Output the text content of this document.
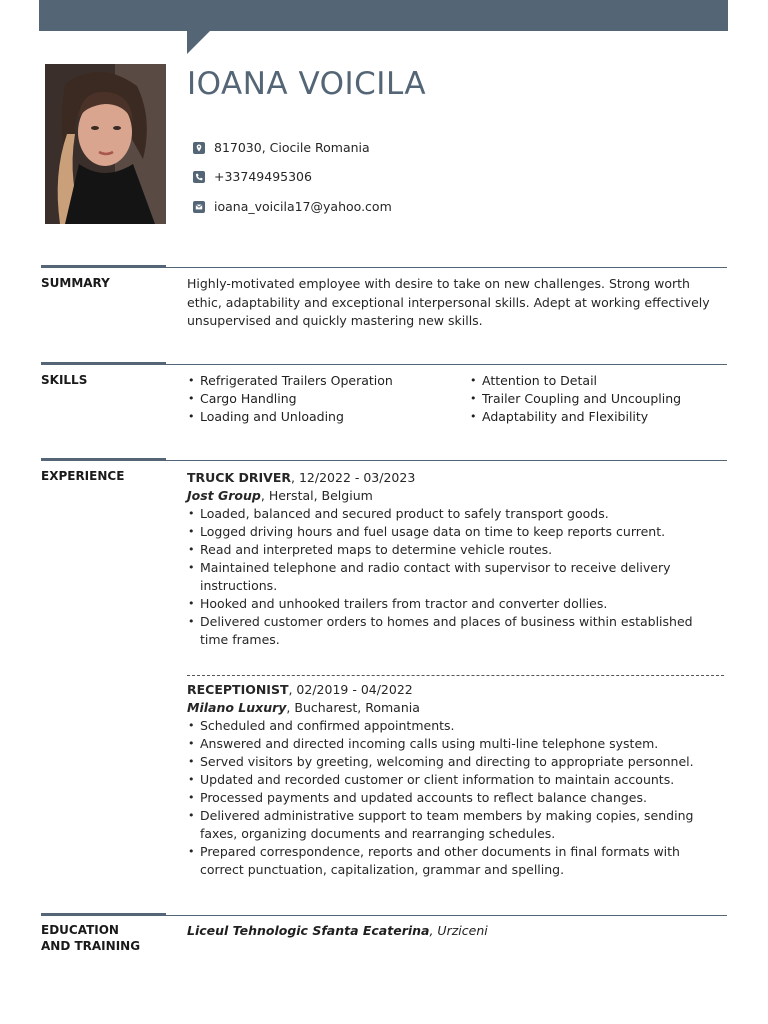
IOANA VOICILA
817030, Ciocile Romania
+33749495306
ioana_voicila17@yahoo.com
SUMMARY	Highly-motivated employee with desire to take on new challenges. Strong worth ethic, adaptability and exceptional interpersonal skills. Adept at working effectively unsupervised and quickly mastering new skills.
SKILLS
•	Refrigerated Trailers Operation
• Cargo Handling
• Loading and Unloading
• Attention to Detail
• Trailer Coupling and Uncoupling
• Adaptability and Flexibility
EXPERIENCE	TRUCK DRIVER, 12/2022 - 03/2023
Jost Group, Herstal, Belgium
• Loaded, balanced and secured product to safely transport goods.
• Logged driving hours and fuel usage data on time to keep reports current.
• Read and interpreted maps to determine vehicle routes.
• Maintained telephone and radio contact with supervisor to receive delivery instructions.
• Hooked and unhooked trailers from tractor and converter dollies.
• Delivered customer orders to homes and places of business within established time frames.
RECEPTIONIST, 02/2019 - 04/2022
Milano Luxury, Bucharest, Romania
• Scheduled and confirmed appointments.
• Answered and directed incoming calls using multi-line telephone system.
• Served visitors by greeting, welcoming and directing to appropriate personnel.
• Updated and recorded customer or client information to maintain accounts.
• Processed payments and updated accounts to reflect balance changes.
• Delivered administrative support to team members by making copies, sending faxes, organizing documents and rearranging schedules.
• Prepared correspondence, reports and other documents in final formats with correct punctuation, capitalization, grammar and spelling.
EDUCATION AND TRAINING
Liceul Tehnologic Sfanta Ecaterina, Urziceni
